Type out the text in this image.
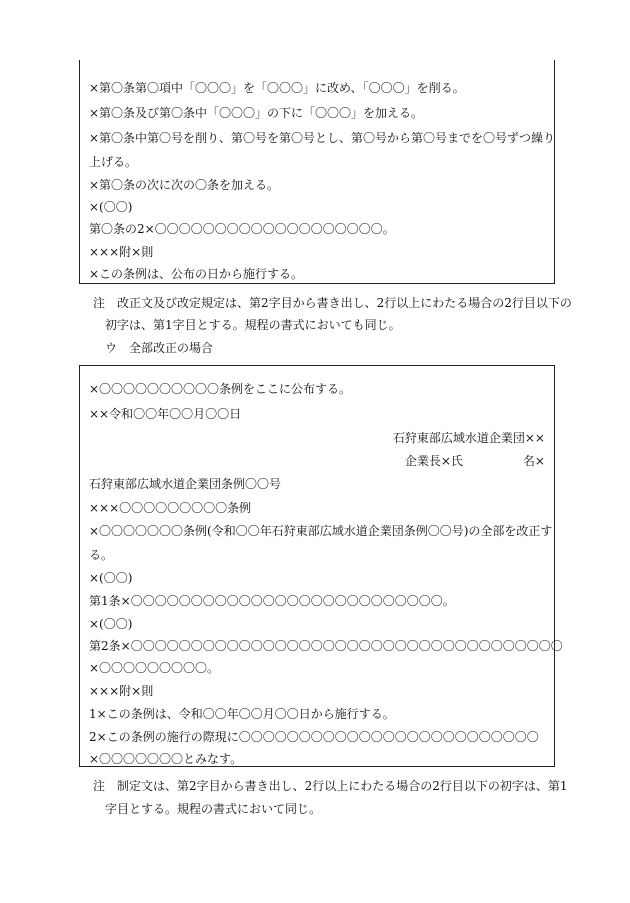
×第〇条第〇項中「〇〇〇」を「〇〇〇」に改め、「〇〇〇」を削る。
×第〇条及び第〇条中「〇〇〇」の下に「〇〇〇」を加える。
×第〇条中第〇号を削り、第〇号を第〇号とし、第〇号から第〇号までを〇号ずつ繰り
上げる。
×第〇条の次に次の〇条を加える。
×(〇〇)
第〇条の2×〇〇〇〇〇〇〇〇〇〇〇〇〇〇〇〇〇〇〇。
×××附×則
×この条例は、公布の日から施行する。
注　改正文及び改定規定は、第2字目から書き出し、2行以上にわたる場合の2行目以下の
初字は、第1字目とする。規程の書式においても同じ。
ウ　全部改正の場合
×〇〇〇〇〇〇〇〇〇〇条例をここに公布する。
××令和〇〇年〇〇月〇〇日
石狩東部広域水道企業団××
企業長×氏　　　　　名×
石狩東部広域水道企業団条例〇〇号
×××〇〇〇〇〇〇〇〇〇条例
×〇〇〇〇〇〇〇条例(令和〇〇年石狩東部広域水道企業団条例〇〇号)の全部を改正す
る。
×(〇〇)
第1条×〇〇〇〇〇〇〇〇〇〇〇〇〇〇〇〇〇〇〇〇〇〇〇〇〇〇。
×(〇〇)
第2条×〇〇〇〇〇〇〇〇〇〇〇〇〇〇〇〇〇〇〇〇〇〇〇〇〇〇〇〇〇〇〇〇〇〇〇〇
×〇〇〇〇〇〇〇〇〇。
×××附×則
1×この条例は、令和〇〇年〇〇月〇〇日から施行する。
2×この条例の施行の際現に〇〇〇〇〇〇〇〇〇〇〇〇〇〇〇〇〇〇〇〇〇〇〇〇〇
×〇〇〇〇〇〇〇とみなす。
注　制定文は、第2字目から書き出し、2行以上にわたる場合の2行目以下の初字は、第1
字目とする。規程の書式において同じ。
